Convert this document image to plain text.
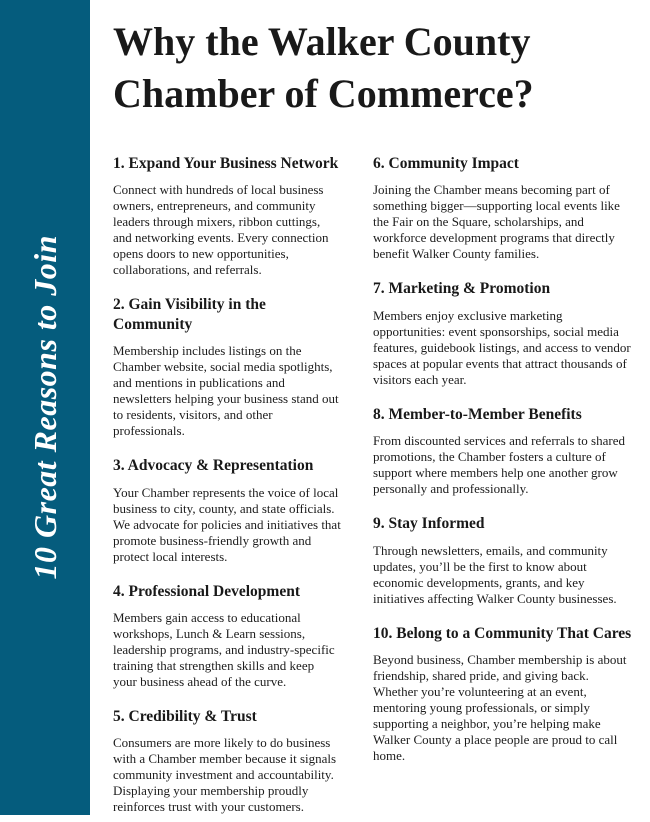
10 Great Reasons to Join
Why the Walker County
Chamber of Commerce?
1. Expand Your Business Network

Connect with hundreds of local business owners, entrepreneurs, and community leaders through mixers, ribbon cuttings, and networking events. Every connection opens doors to new opportunities, collaborations, and referrals.

2. Gain Visibility in the Community

Membership includes listings on the Chamber website, social media spotlights, and mentions in publications and newsletters helping your business stand out to residents, visitors, and other professionals.

3. Advocacy & Representation

Your Chamber represents the voice of local business to city, county, and state officials. We advocate for policies and initiatives that promote business-friendly growth and protect local interests.

4. Professional Development

Members gain access to educational workshops, Lunch & Learn sessions, leadership programs, and industry-specific training that strengthen skills and keep your business ahead of the curve.

5. Credibility & Trust

Consumers are more likely to do business with a Chamber member because it signals community investment and accountability. Displaying your membership proudly reinforces trust with your customers.

6. Community Impact

Joining the Chamber means becoming part of something bigger—supporting local events like the Fair on the Square, scholarships, and workforce development programs that directly benefit Walker County families.

7. Marketing & Promotion

Members enjoy exclusive marketing opportunities: event sponsorships, social media features, guidebook listings, and access to vendor spaces at popular events that attract thousands of visitors each year.

8. Member-to-Member Benefits

From discounted services and referrals to shared promotions, the Chamber fosters a culture of support where members help one another grow personally and professionally.

9. Stay Informed

Through newsletters, emails, and community updates, you’ll be the first to know about economic developments, grants, and key initiatives affecting Walker County businesses.

10. Belong to a Community That Cares

Beyond business, Chamber membership is about friendship, shared pride, and giving back. Whether you’re volunteering at an event, mentoring young professionals, or simply supporting a neighbor, you’re helping make Walker County a place people are proud to call home.
